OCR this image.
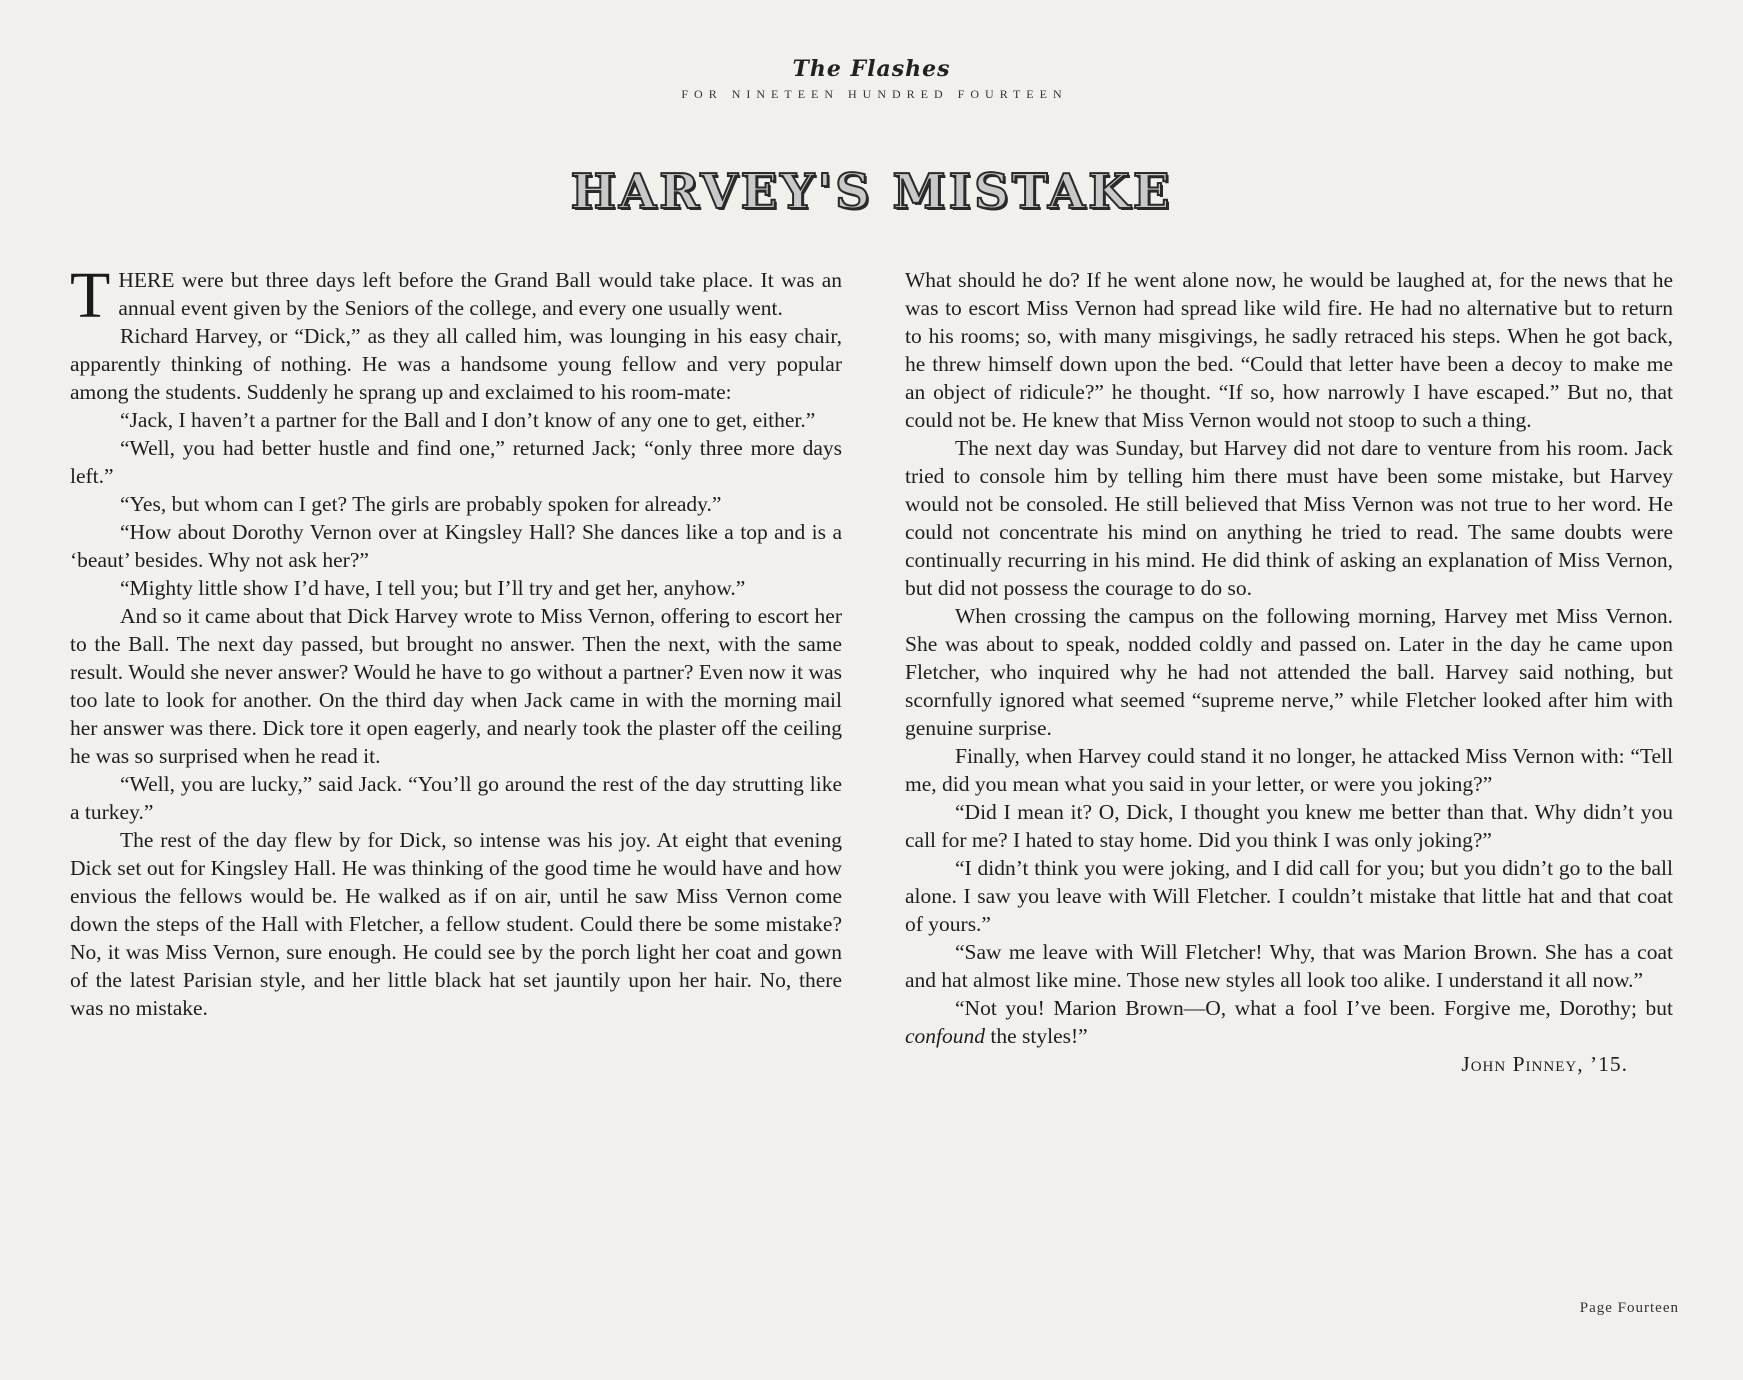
The Flashes
FOR NINETEEN HUNDRED FOURTEEN
HARVEY'S MISTAKE

THERE were but three days left before the Grand Ball would take place. It was an annual event given by the Seniors of the college, and every one usually went.

Richard Harvey, or “Dick,” as they all called him, was lounging in his easy chair, apparently thinking of nothing. He was a handsome young fellow and very popular among the students. Suddenly he sprang up and exclaimed to his room-mate:

“Jack, I haven’t a partner for the Ball and I don’t know of any one to get, either.”

“Well, you had better hustle and find one,” returned Jack; “only three more days left.”

“Yes, but whom can I get? The girls are probably spoken for already.”

“How about Dorothy Vernon over at Kingsley Hall? She dances like a top and is a ‘beaut’ besides. Why not ask her?”

“Mighty little show I’d have, I tell you; but I’ll try and get her, anyhow.”

And so it came about that Dick Harvey wrote to Miss Vernon, offering to escort her to the Ball. The next day passed, but brought no answer. Then the next, with the same result. Would she never answer? Would he have to go without a partner? Even now it was too late to look for another. On the third day when Jack came in with the morning mail her answer was there. Dick tore it open eagerly, and nearly took the plaster off the ceiling he was so surprised when he read it.

“Well, you are lucky,” said Jack. “You’ll go around the rest of the day strutting like a turkey.”

The rest of the day flew by for Dick, so intense was his joy. At eight that evening Dick set out for Kingsley Hall. He was thinking of the good time he would have and how envious the fellows would be. He walked as if on air, until he saw Miss Vernon come down the steps of the Hall with Fletcher, a fellow student. Could there be some mistake? No, it was Miss Vernon, sure enough. He could see by the porch light her coat and gown of the latest Parisian style, and her little black hat set jauntily upon her hair. No, there was no mistake.

What should he do? If he went alone now, he would be laughed at, for the news that he was to escort Miss Vernon had spread like wild fire. He had no alternative but to return to his rooms; so, with many misgivings, he sadly retraced his steps. When he got back, he threw himself down upon the bed. “Could that letter have been a decoy to make me an object of ridicule?” he thought. “If so, how narrowly I have escaped.” But no, that could not be. He knew that Miss Vernon would not stoop to such a thing.

The next day was Sunday, but Harvey did not dare to venture from his room. Jack tried to console him by telling him there must have been some mistake, but Harvey would not be consoled. He still believed that Miss Vernon was not true to her word. He could not concentrate his mind on anything he tried to read. The same doubts were continually recurring in his mind. He did think of asking an explanation of Miss Vernon, but did not possess the courage to do so.

When crossing the campus on the following morning, Harvey met Miss Vernon. She was about to speak, nodded coldly and passed on. Later in the day he came upon Fletcher, who inquired why he had not attended the ball. Harvey said nothing, but scornfully ignored what seemed “supreme nerve,” while Fletcher looked after him with genuine surprise.

Finally, when Harvey could stand it no longer, he attacked Miss Vernon with: “Tell me, did you mean what you said in your letter, or were you joking?”

“Did I mean it? O, Dick, I thought you knew me better than that. Why didn’t you call for me? I hated to stay home. Did you think I was only joking?”

“I didn’t think you were joking, and I did call for you; but you didn’t go to the ball alone. I saw you leave with Will Fletcher. I couldn’t mistake that little hat and that coat of yours.”

“Saw me leave with Will Fletcher! Why, that was Marion Brown. She has a coat and hat almost like mine. Those new styles all look too alike. I understand it all now.”

“Not you! Marion Brown—O, what a fool I’ve been. Forgive me, Dorothy; but confound the styles!”

John Pinney, ’15.

Page Fourteen
